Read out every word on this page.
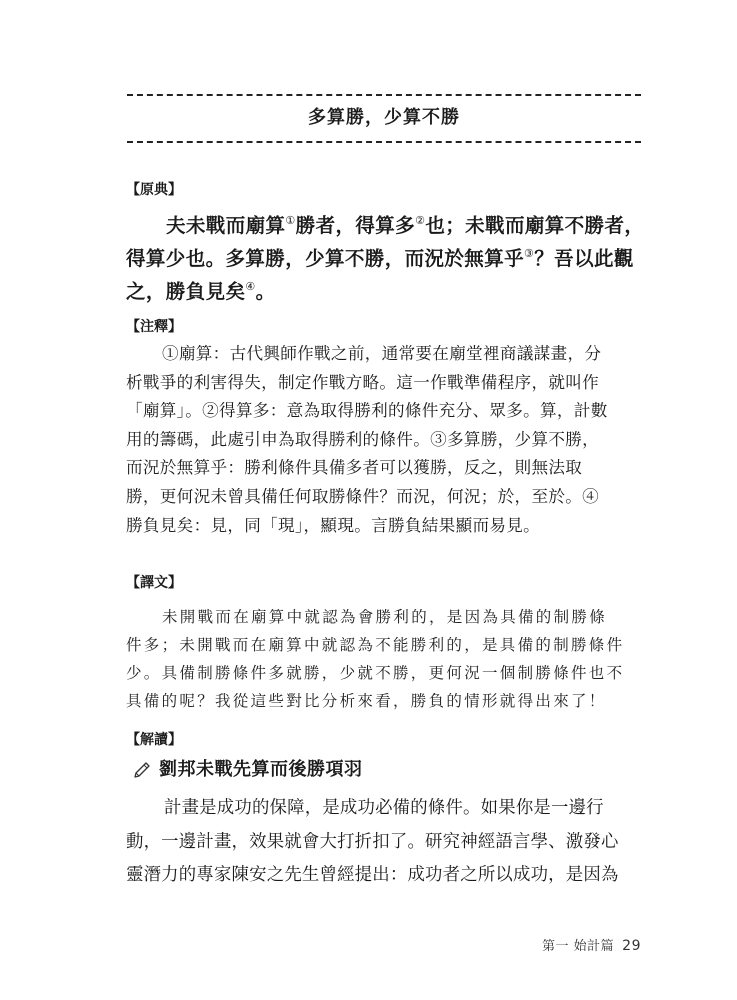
多算勝，少算不勝
【原典】
夫未戰而廟算①勝者，得算多②也；未戰而廟算不勝者，
得算少也。多算勝，少算不勝，而況於無算乎③？吾以此觀
之，勝負見矣④。
【注釋】
①廟算：古代興師作戰之前，通常要在廟堂裡商議謀畫，分
析戰爭的利害得失，制定作戰方略。這一作戰準備程序，就叫作
「廟算」。②得算多：意為取得勝利的條件充分、眾多。算，計數
用的籌碼，此處引申為取得勝利的條件。③多算勝，少算不勝，
而況於無算乎：勝利條件具備多者可以獲勝，反之，則無法取
勝，更何況未曾具備任何取勝條件？而況，何況；於，至於。④
勝負見矣：見，同「現」，顯現。言勝負結果顯而易見。
【譯文】
未開戰而在廟算中就認為會勝利的，是因為具備的制勝條
件多；未開戰而在廟算中就認為不能勝利的，是具備的制勝條件
少。具備制勝條件多就勝，少就不勝，更何況一個制勝條件也不
具備的呢？我從這些對比分析來看，勝負的情形就得出來了！
【解讀】
劉邦未戰先算而後勝項羽
計畫是成功的保障，是成功必備的條件。如果你是一邊行
動，一邊計畫，效果就會大打折扣了。研究神經語言學、激發心
靈潛力的專家陳安之先生曾經提出：成功者之所以成功，是因為
第一 始計篇 29
